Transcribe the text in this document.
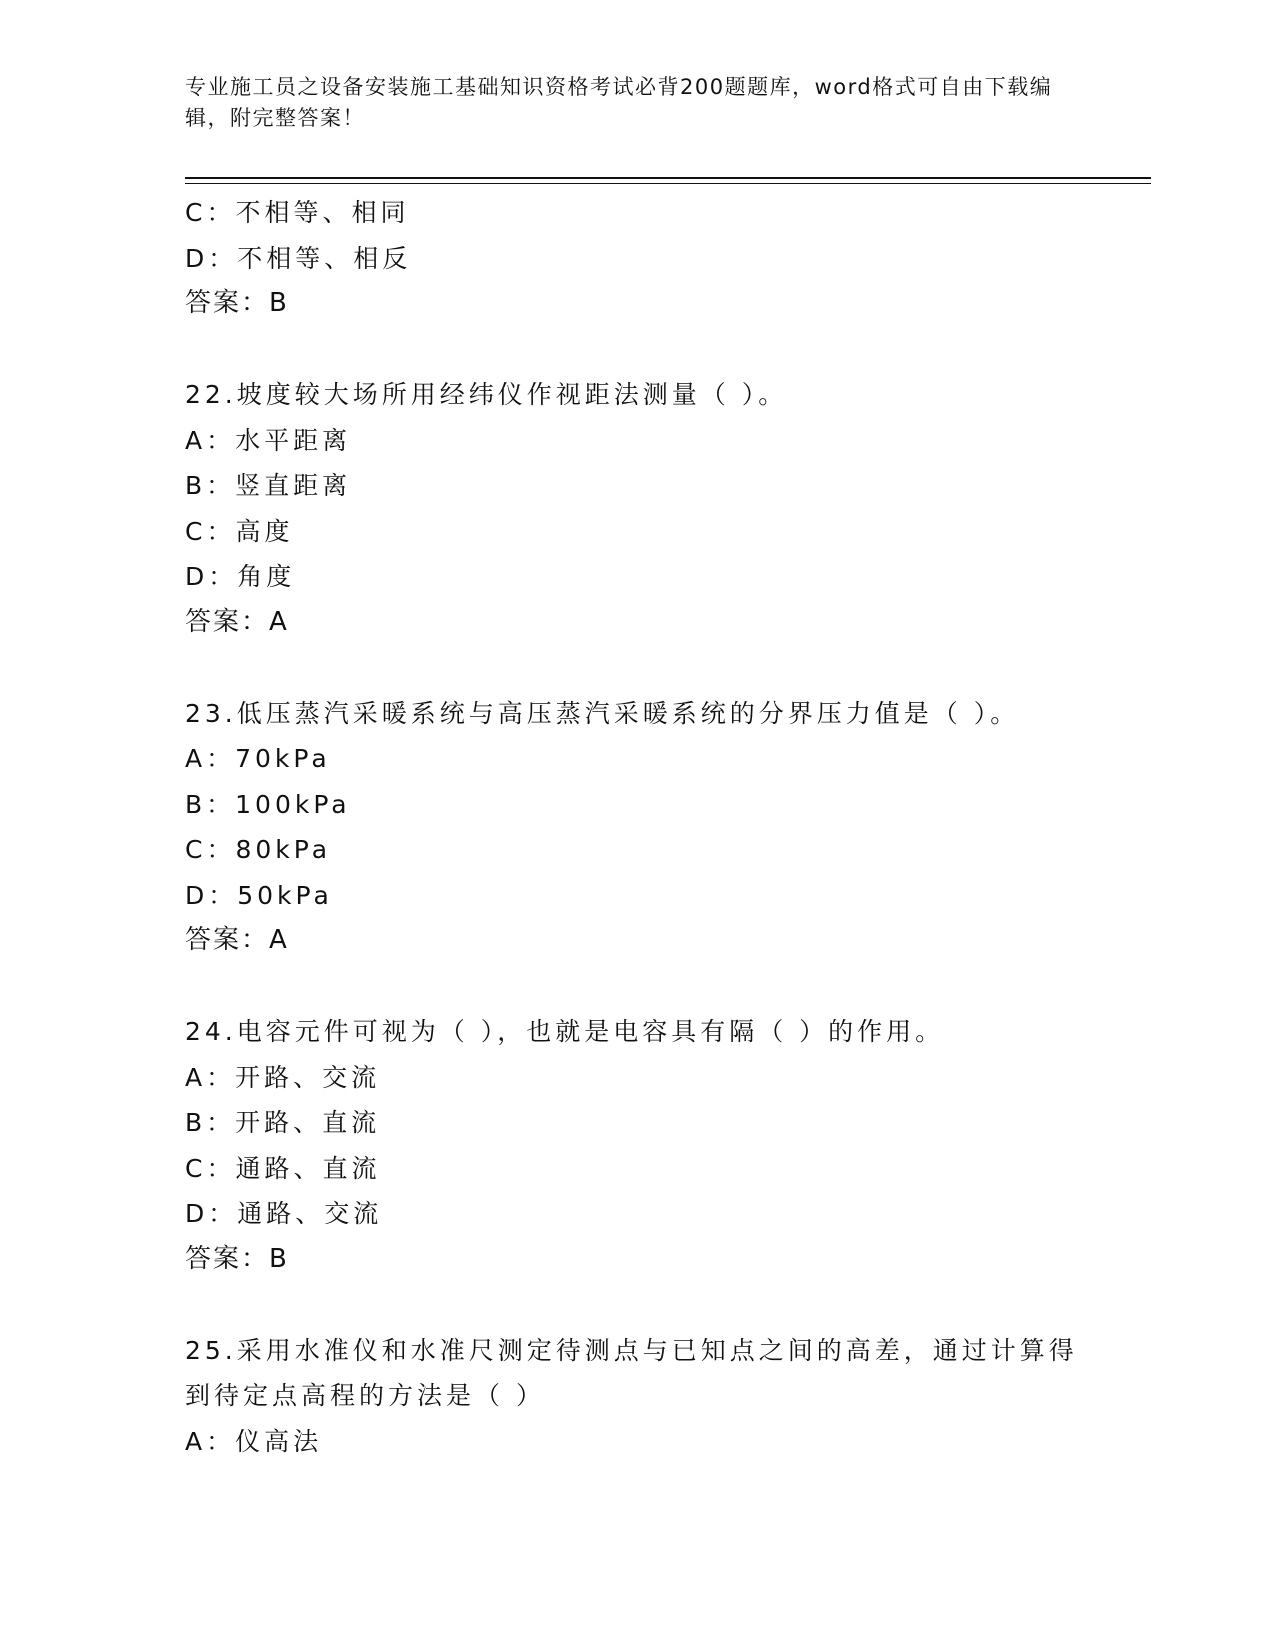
专业施工员之设备安装施工基础知识资格考试必背200题题库，word格式可自由下载编辑，附完整答案！
C：不相等、相同
D：不相等、相反
答案：B
22.坡度较大场所用经纬仪作视距法测量（ ）。
A：水平距离
B：竖直距离
C：高度
D：角度
答案：A
23.低压蒸汽采暖系统与高压蒸汽采暖系统的分界压力值是（ ）。
A：70kPa
B：100kPa
C：80kPa
D：50kPa
答案：A
24.电容元件可视为（ ），也就是电容具有隔（ ）的作用。
A：开路、交流
B：开路、直流
C：通路、直流
D：通路、交流
答案：B
25.采用水准仪和水准尺测定待测点与已知点之间的高差，通过计算得
到待定点高程的方法是（ ）
A：仪高法
